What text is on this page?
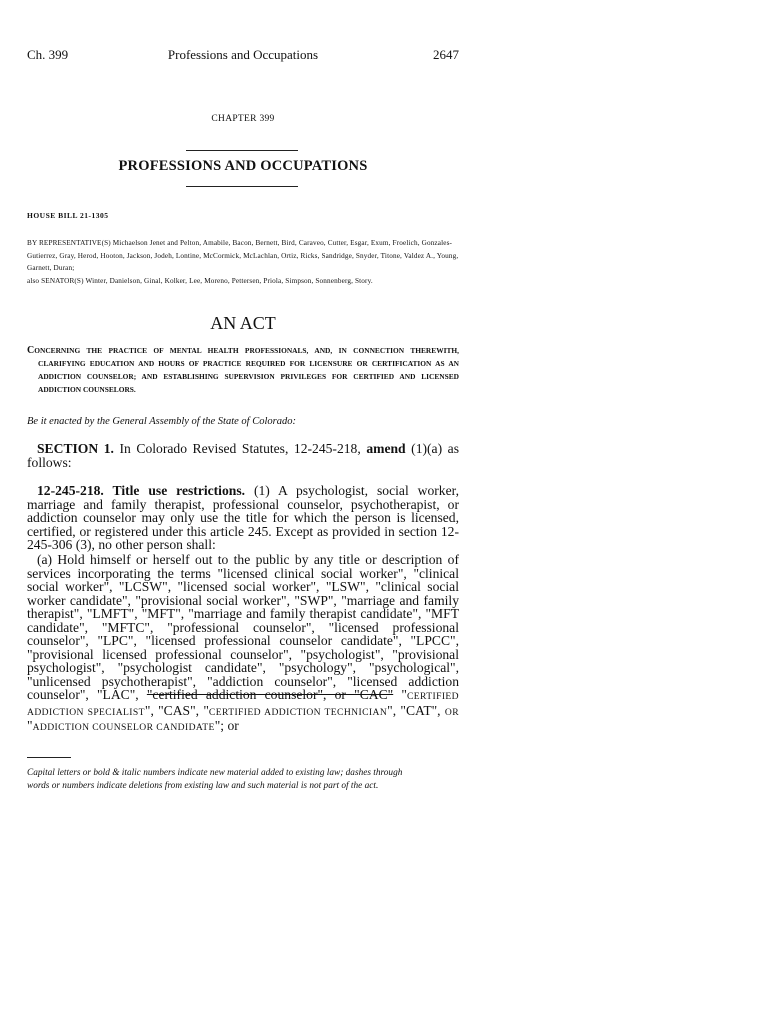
Ch. 399	Professions and Occupations	2647
CHAPTER 399
PROFESSIONS AND OCCUPATIONS
HOUSE BILL 21-1305

BY REPRESENTATIVE(S) Michaelson Jenet and Pelton, Amabile, Bacon, Bernett, Bird, Caraveo, Cutter, Esgar, Exum, Froelich, Gonzales-Gutierrez, Gray, Herod, Hooton, Jackson, Jodeh, Lontine, McCormick, McLachlan, Ortiz, Ricks, Sandridge, Snyder, Titone, Valdez A., Young, Garnett, Duran;

also SENATOR(S) Winter, Danielson, Ginal, Kolker, Lee, Moreno, Pettersen, Priola, Simpson, Sonnenberg, Story.

AN ACT

CONCERNING THE PRACTICE OF MENTAL HEALTH PROFESSIONALS, AND, IN CONNECTION THEREWITH, CLARIFYING EDUCATION AND HOURS OF PRACTICE REQUIRED FOR LICENSURE OR CERTIFICATION AS AN ADDICTION COUNSELOR; AND ESTABLISHING SUPERVISION PRIVILEGES FOR CERTIFIED AND LICENSED ADDICTION COUNSELORS.

Be it enacted by the General Assembly of the State of Colorado:

SECTION 1. In Colorado Revised Statutes, 12-245-218, amend (1)(a) as follows:

12-245-218. Title use restrictions. (1) A psychologist, social worker, marriage and family therapist, professional counselor, psychotherapist, or addiction counselor may only use the title for which the person is licensed, certified, or registered under this article 245. Except as provided in section 12-245-306 (3), no other person shall:

(a) Hold himself or herself out to the public by any title or description of services incorporating the terms "licensed clinical social worker", "clinical social worker", "LCSW", "licensed social worker", "LSW", "clinical social worker candidate", "provisional social worker", "SWP", "marriage and family therapist", "LMFT", "MFT", "marriage and family therapist candidate", "MFT candidate", "MFTC", "professional counselor", "licensed professional counselor", "LPC", "licensed professional counselor candidate", "LPCC", "provisional licensed professional counselor", "psychologist", "provisional psychologist", "psychologist candidate", "psychology", "psychological", "unlicensed psychotherapist", "addiction counselor", "licensed addiction counselor", "LAC", "certified addiction counselor", or "CAC" "CERTIFIED ADDICTION SPECIALIST", "CAS", "CERTIFIED ADDICTION TECHNICIAN", "CAT", OR "ADDICTION COUNSELOR CANDIDATE"; or

Capital letters or bold & italic numbers indicate new material added to existing law; dashes through

words or numbers indicate deletions from existing law and such material is not part of the act.
